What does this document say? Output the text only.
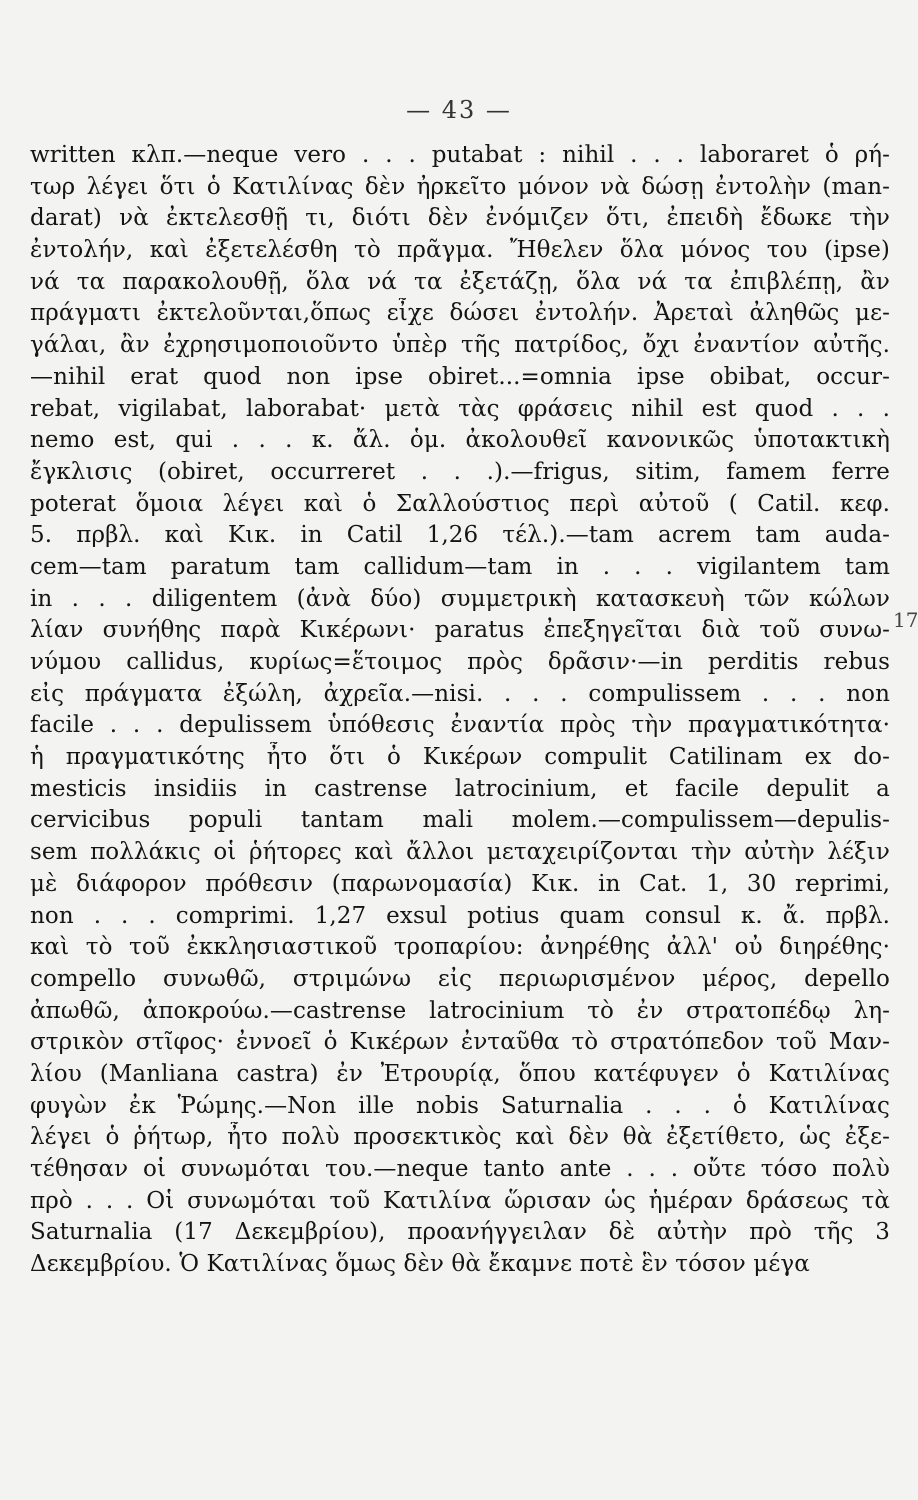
— 43 —
17
written κλπ.—neque vero . . . putabat : nihil . . . laboraret ὁ ρή-
τωρ λέγει ὅτι ὁ Κατιλίνας δὲν ἠρκεῖτο μόνον νὰ δώσῃ ἐντολὴν (man-
darat) νὰ ἐκτελεσθῇ τι, διότι δὲν ἐνόμιζεν ὅτι, ἐπειδὴ ἔδωκε τὴν
ἐντολήν, καὶ ἐξετελέσθη τὸ πρᾶγμα. Ἤθελεν ὅλα μόνος του (ipse)
νά τα παρακολουθῇ, ὅλα νά τα ἐξετάζῃ, ὅλα νά τα ἐπιβλέπῃ, ἂν
πράγματι ἐκτελοῦνται,ὅπως εἶχε δώσει ἐντολήν. Ἀρεταὶ ἀληθῶς με-
γάλαι, ἂν ἐχρησιμοποιοῦντο ὑπὲρ τῆς πατρίδος, ὄχι ἐναντίον αὐτῆς.
—nihil erat quod non ipse obiret...=omnia ipse obibat, occur-
rebat, vigilabat, laborabat· μετὰ τὰς φράσεις nihil est quod . . .
nemo est, qui . . . κ. ἄλ. ὁμ. ἀκολουθεῖ κανονικῶς ὑποτακτικὴ
ἔγκλισις (obiret, occurreret . . .).—frigus, sitim, famem ferre
poterat ὅμοια λέγει καὶ ὁ Σαλλούστιος περὶ αὐτοῦ ( Catil. κεφ.
5. πρβλ. καὶ Κικ. in Catil 1,26 τέλ.).—tam acrem tam auda-
cem—tam paratum tam callidum—tam in . . . vigilantem tam
in . . . diligentem (ἀνὰ δύο) συμμετρικὴ κατασκευὴ τῶν κώλων
λίαν συνήθης παρὰ Κικέρωνι· paratus ἐπεξηγεῖται διὰ τοῦ συνω-
νύμου callidus, κυρίως=ἕτοιμος πρὸς δρᾶσιν·—in perditis rebus
εἰς πράγματα ἐξώλη, ἀχρεῖα.—nisi. . . . compulissem . . . non
facile . . . depulissem ὑπόθεσις ἐναντία πρὸς τὴν πραγματικότητα·
ἡ πραγματικότης ἦτο ὅτι ὁ Κικέρων compulit Catilinam ex do-
mesticis insidiis in castrense latrocinium, et facile depulit a
cervicibus populi tantam mali molem.—compulissem—depulis-
sem πολλάκις οἱ ῥήτορες καὶ ἄλλοι μεταχειρίζονται τὴν αὐτὴν λέξιν
μὲ διάφορον πρόθεσιν (παρωνομασία) Κικ. in Cat. 1, 30 reprimi,
non . . . comprimi. 1,27 exsul potius quam consul κ. ἄ. πρβλ.
καὶ τὸ τοῦ ἐκκλησιαστικοῦ τροπαρίου: ἀνηρέθης ἀλλ' οὐ διηρέθης·
compello συνωθῶ, στριμώνω εἰς περιωρισμένον μέρος, depello
ἀπωθῶ, ἀποκρούω.—castrense latrocinium τὸ ἐν στρατοπέδῳ λη-
στρικὸν στῖφος· ἐννοεῖ ὁ Κικέρων ἐνταῦθα τὸ στρατόπεδον τοῦ Μαν-
λίου (Manliana castra) ἐν Ἐτρουρίᾳ, ὅπου κατέφυγεν ὁ Κατιλίνας
φυγὼν ἐκ Ῥώμης.—Non ille nobis Saturnalia . . . ὁ Κατιλίνας
λέγει ὁ ῥήτωρ, ἦτο πολὺ προσεκτικὸς καὶ δὲν θὰ ἐξετίθετο, ὡς ἐξε-
τέθησαν οἱ συνωμόται του.—neque tanto ante . . . οὔτε τόσο πολὺ
πρὸ . . . Οἱ συνωμόται τοῦ Κατιλίνα ὥρισαν ὡς ἡμέραν δράσεως τὰ
Saturnalia (17 Δεκεμβρίου), προανήγγειλαν δὲ αὐτὴν πρὸ τῆς 3
Δεκεμβρίου. Ὁ Κατιλίνας ὅμως δὲν θὰ ἔκαμνε ποτὲ ἓν τόσον μέγα
